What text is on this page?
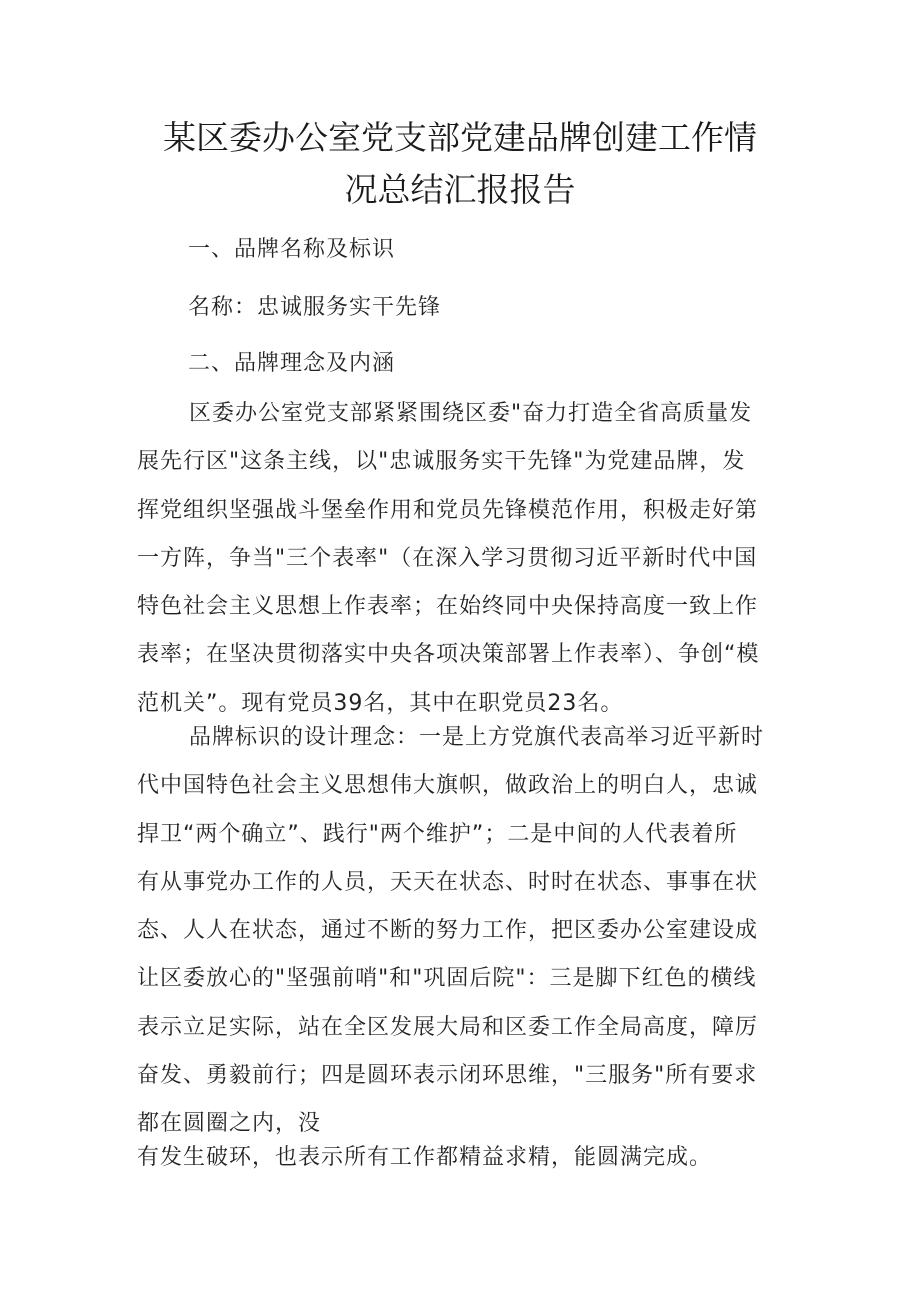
某区委办公室党支部党建品牌创建工作情
况总结汇报报告
一、品牌名称及标识
名称：忠诚服务实干先锋
二、品牌理念及内涵
区委办公室党支部紧紧围绕区委"奋力打造全省高质量发
展先行区"这条主线，以"忠诚服务实干先锋"为党建品牌，发
挥党组织坚强战斗堡垒作用和党员先锋模范作用，积极走好第
一方阵，争当"三个表率"（在深入学习贯彻习近平新时代中国
特色社会主义思想上作表率；在始终同中央保持高度一致上作
表率；在坚决贯彻落实中央各项决策部署上作表率）、争创“模
范机关”。现有党员39名，其中在职党员23名。
品牌标识的设计理念：一是上方党旗代表高举习近平新时
代中国特色社会主义思想伟大旗帜，做政治上的明白人，忠诚
捍卫“两个确立”、践行"两个维护”；二是中间的人代表着所
有从事党办工作的人员，天天在状态、时时在状态、事事在状
态、人人在状态，通过不断的努力工作，把区委办公室建设成
让区委放心的"坚强前哨"和"巩固后院"：三是脚下红色的横线
表示立足实际，站在全区发展大局和区委工作全局高度，障厉
奋发、勇毅前行；四是圆环表示闭环思维，"三服务"所有要求
都在圆圈之内，没
有发生破环，也表示所有工作都精益求精，能圆满完成。
